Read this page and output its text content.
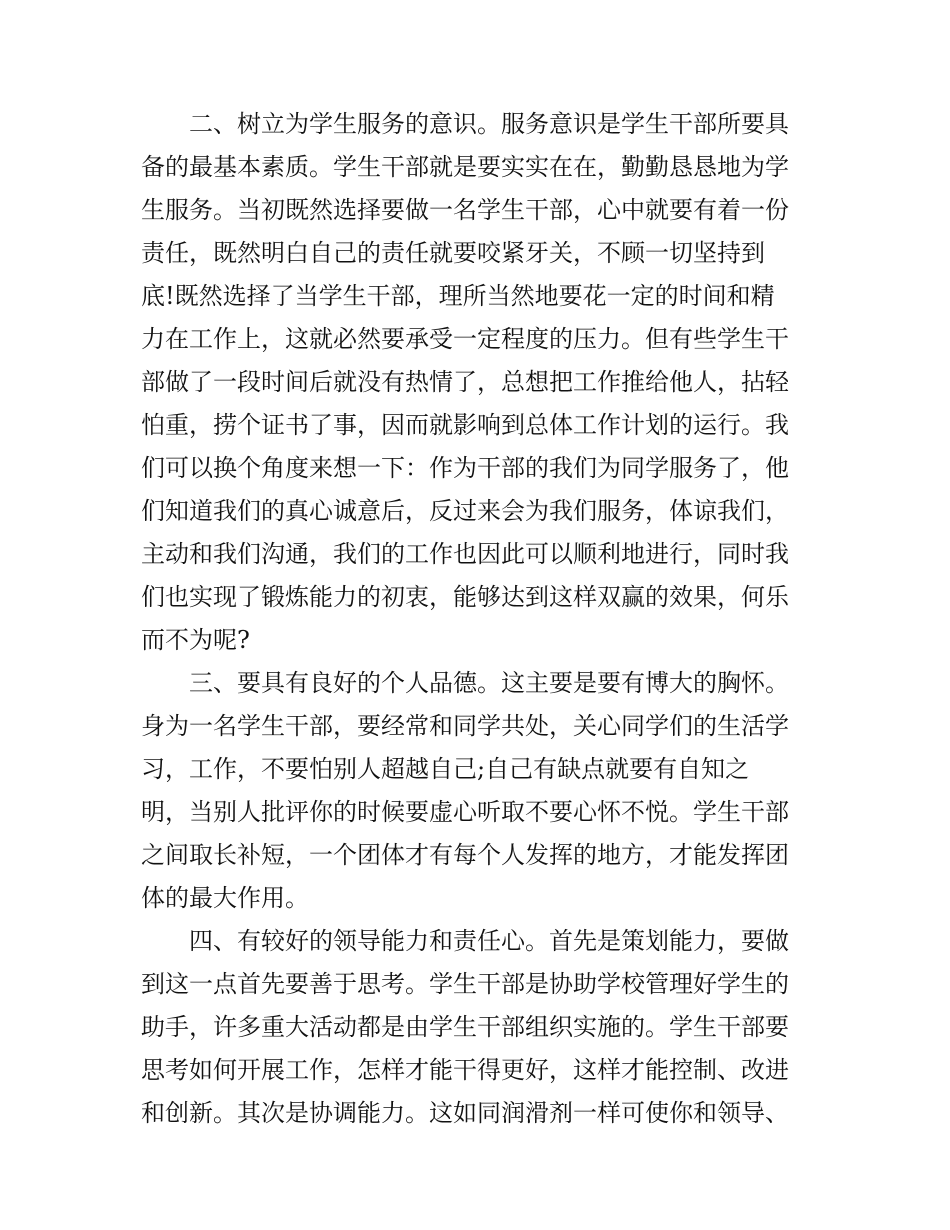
二、树立为学生服务的意识。服务意识是学生干部所要具
备的最基本素质。学生干部就是要实实在在，勤勤恳恳地为学
生服务。当初既然选择要做一名学生干部，心中就要有着一份
责任，既然明白自己的责任就要咬紧牙关，不顾一切坚持到
底!既然选择了当学生干部，理所当然地要花一定的时间和精
力在工作上，这就必然要承受一定程度的压力。但有些学生干
部做了一段时间后就没有热情了，总想把工作推给他人，拈轻
怕重，捞个证书了事，因而就影响到总体工作计划的运行。我
们可以换个角度来想一下：作为干部的我们为同学服务了，他
们知道我们的真心诚意后，反过来会为我们服务，体谅我们，
主动和我们沟通，我们的工作也因此可以顺利地进行，同时我
们也实现了锻炼能力的初衷，能够达到这样双赢的效果，何乐
而不为呢?
三、要具有良好的个人品德。这主要是要有博大的胸怀。
身为一名学生干部，要经常和同学共处，关心同学们的生活学
习，工作，不要怕别人超越自己;自己有缺点就要有自知之
明，当别人批评你的时候要虚心听取不要心怀不悦。学生干部
之间取长补短，一个团体才有每个人发挥的地方，才能发挥团
体的最大作用。
四、有较好的领导能力和责任心。首先是策划能力，要做
到这一点首先要善于思考。学生干部是协助学校管理好学生的
助手，许多重大活动都是由学生干部组织实施的。学生干部要
思考如何开展工作，怎样才能干得更好，这样才能控制、改进
和创新。其次是协调能力。这如同润滑剂一样可使你和领导、
